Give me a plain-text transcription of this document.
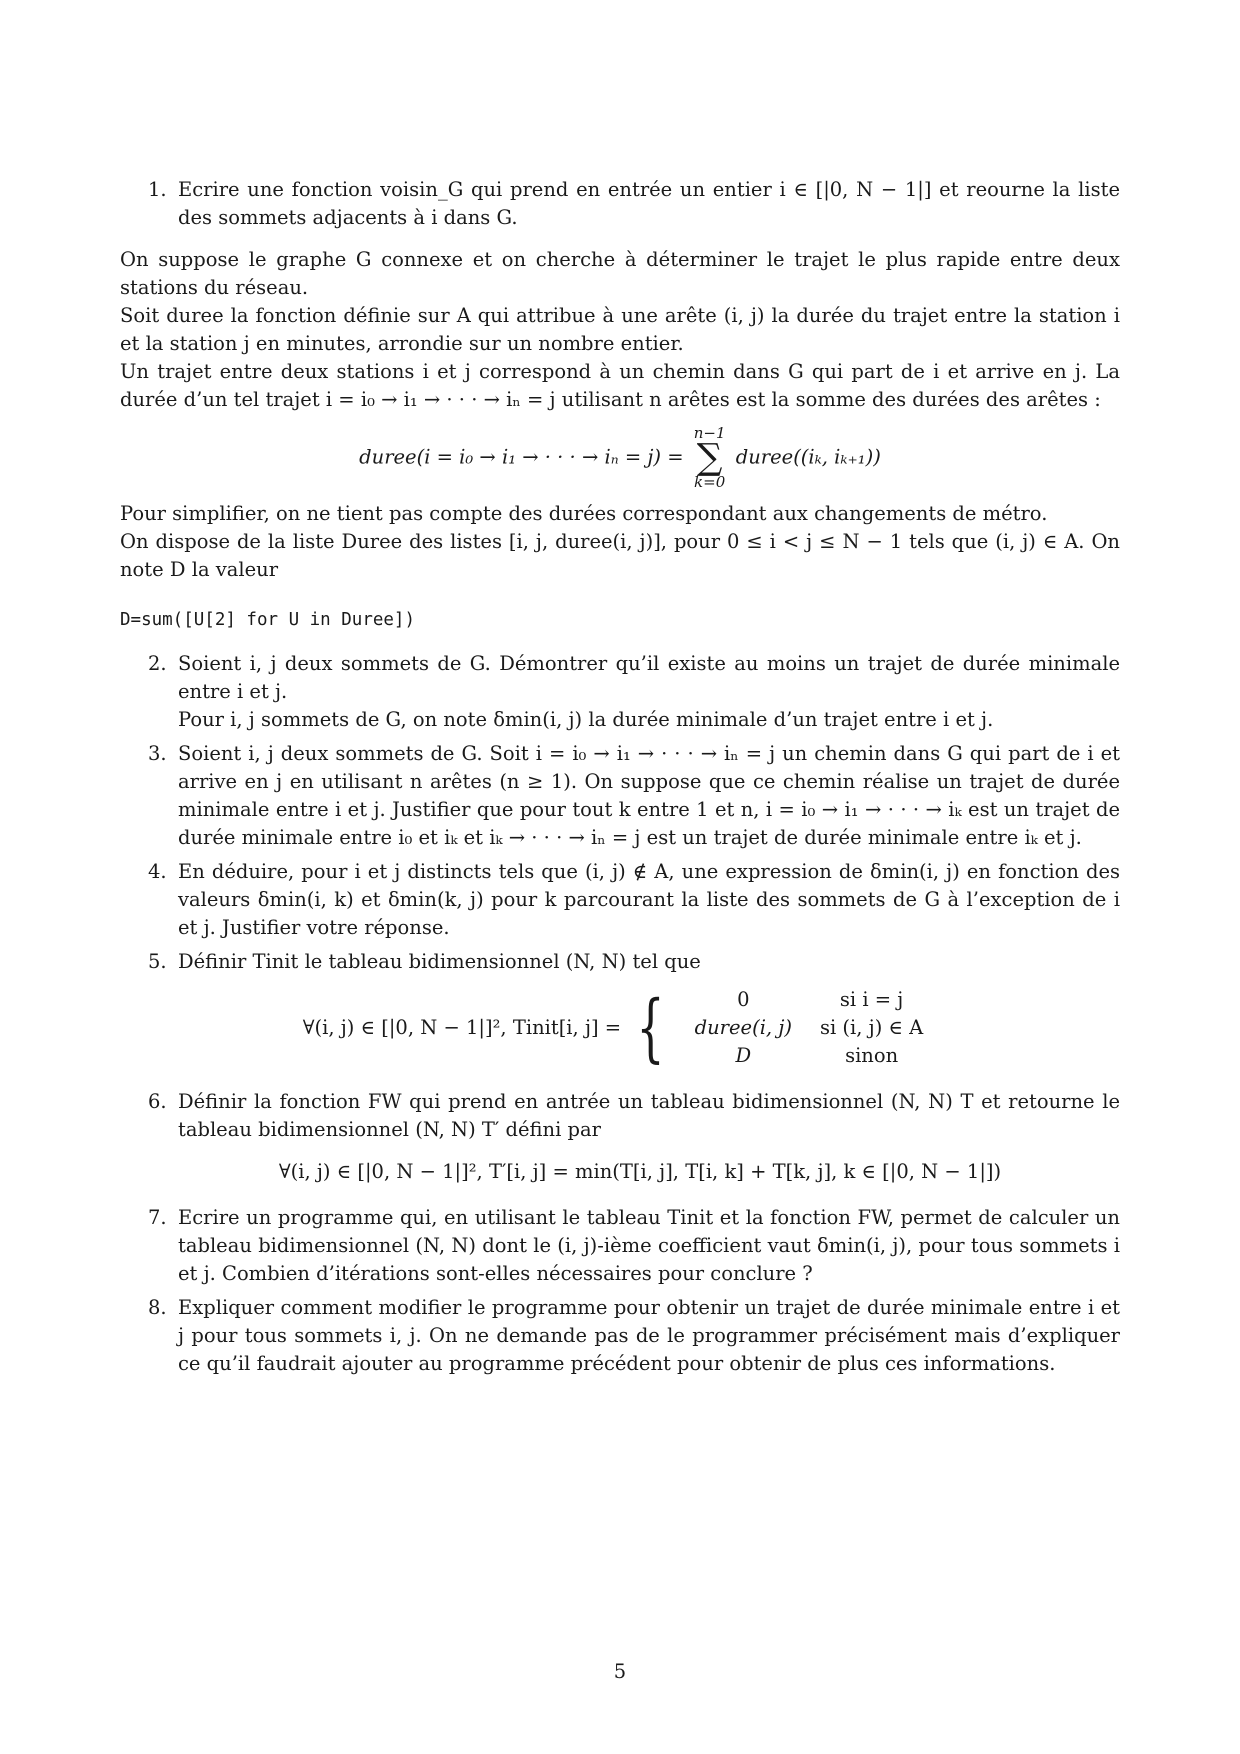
1. Ecrire une fonction voisin_G qui prend en entrée un entier i ∈ [|0, N − 1|] et reourne la liste des sommets adjacents à i dans G.

On suppose le graphe G connexe et on cherche à déterminer le trajet le plus rapide entre deux stations du réseau.

Soit duree la fonction définie sur A qui attribue à une arête (i, j) la durée du trajet entre la station i et la station j en minutes, arrondie sur un nombre entier.

Un trajet entre deux stations i et j correspond à un chemin dans G qui part de i et arrive en j. La durée d’un tel trajet i = i₀ → i₁ → · · · → iₙ = j utilisant n arêtes est la somme des durées des arêtes :

duree(i = i₀ → i₁ → · · · → iₙ = j) = n−1
∑
k=0 duree((iₖ, iₖ₊₁))

Pour simplifier, on ne tient pas compte des durées correspondant aux changements de métro.

On dispose de la liste Duree des listes [i, j, duree(i, j)], pour 0 ≤ i < j ≤ N − 1 tels que (i, j) ∈ A. On note D la valeur

D=sum([U[2] for U in Duree])
2. Soient i, j deux sommets de G. Démontrer qu’il existe au moins un trajet de durée minimale entre i et j.

Pour i, j sommets de G, on note δmin(i, j) la durée minimale d’un trajet entre i et j.

3. Soient i, j deux sommets de G. Soit i = i₀ → i₁ → · · · → iₙ = j un chemin dans G qui part de i et arrive en j en utilisant n arêtes (n ≥ 1). On suppose que ce chemin réalise un trajet de durée minimale entre i et j. Justifier que pour tout k entre 1 et n, i = i₀ → i₁ → · · · → iₖ est un trajet de durée minimale entre i₀ et iₖ et iₖ → · · · → iₙ = j est un trajet de durée minimale entre iₖ et j.

4. En déduire, pour i et j distincts tels que (i, j) ∉ A, une expression de δmin(i, j) en fonction des valeurs δmin(i, k) et δmin(k, j) pour k parcourant la liste des sommets de G à l’exception de i et j. Justifier votre réponse.

5. Définir Tinit le tableau bidimensionnel (N, N) tel que

∀(i, j) ∈ [|0, N − 1|]², Tinit[i, j] = {	0	si i = j
duree(i, j)	si (i, j) ∈ A
D	sinon
6. Définir la fonction FW qui prend en antrée un tableau bidimensionnel (N, N) T et retourne le tableau bidimensionnel (N, N) T′ défini par

∀(i, j) ∈ [|0, N − 1|]², T′[i, j] = min(T[i, j], T[i, k] + T[k, j], k ∈ [|0, N − 1|])
7. Ecrire un programme qui, en utilisant le tableau Tinit et la fonction FW, permet de calculer un tableau bidimensionnel (N, N) dont le (i, j)-ième coefficient vaut δmin(i, j), pour tous sommets i et j. Combien d’itérations sont-elles nécessaires pour conclure ?

8. Expliquer comment modifier le programme pour obtenir un trajet de durée minimale entre i et j pour tous sommets i, j. On ne demande pas de le programmer précisément mais d’expliquer ce qu’il faudrait ajouter au programme précédent pour obtenir de plus ces informations.

5
